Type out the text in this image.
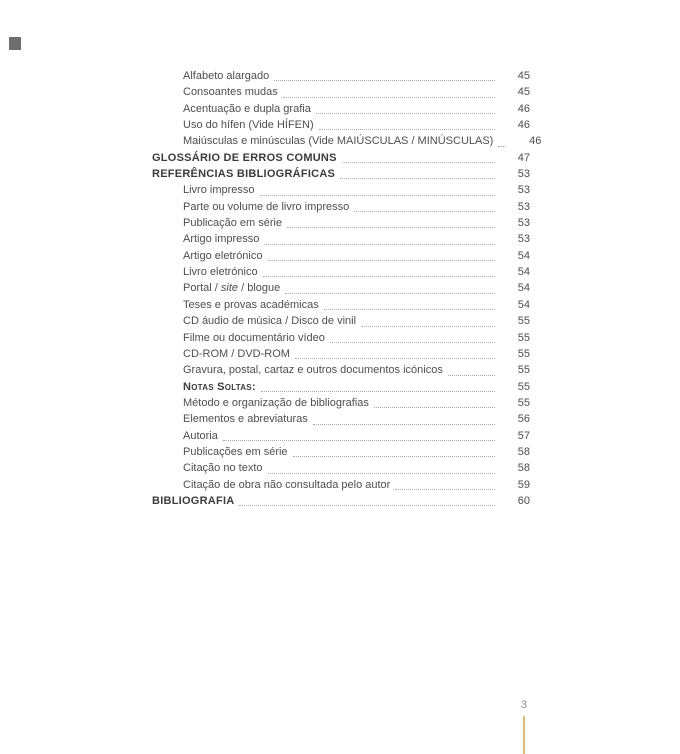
Alfabeto alargado	45
Consoantes mudas	45
Acentuação e dupla grafia	46
Uso do hífen (Vide HÍFEN)	46
Maiúsculas e minúsculas (Vide MAIÚSCULAS / MINÚSCULAS)	46
GLOSSÁRIO DE ERROS COMUNS	47
REFERÊNCIAS BIBLIOGRÁFICAS	53
Livro impresso	53
Parte ou volume de livro impresso	53
Publicação em série	53
Artigo impresso	53
Artigo eletrónico	54
Livro eletrónico	54
Portal / site / blogue	54
Teses e provas académicas	54
CD áudio de música / Disco de vinil	55
Filme ou documentário vídeo	55
CD-ROM / DVD-ROM	55
Gravura, postal, cartaz e outros documentos icónicos	55
Notas Soltas:	55
Método e organização de bibliografias	55
Elementos e abreviaturas	56
Autoria	57
Publicações em série	58
Citação no texto	58
Citação de obra não consultada pelo autor	59
BIBLIOGRAFIA	60
3
